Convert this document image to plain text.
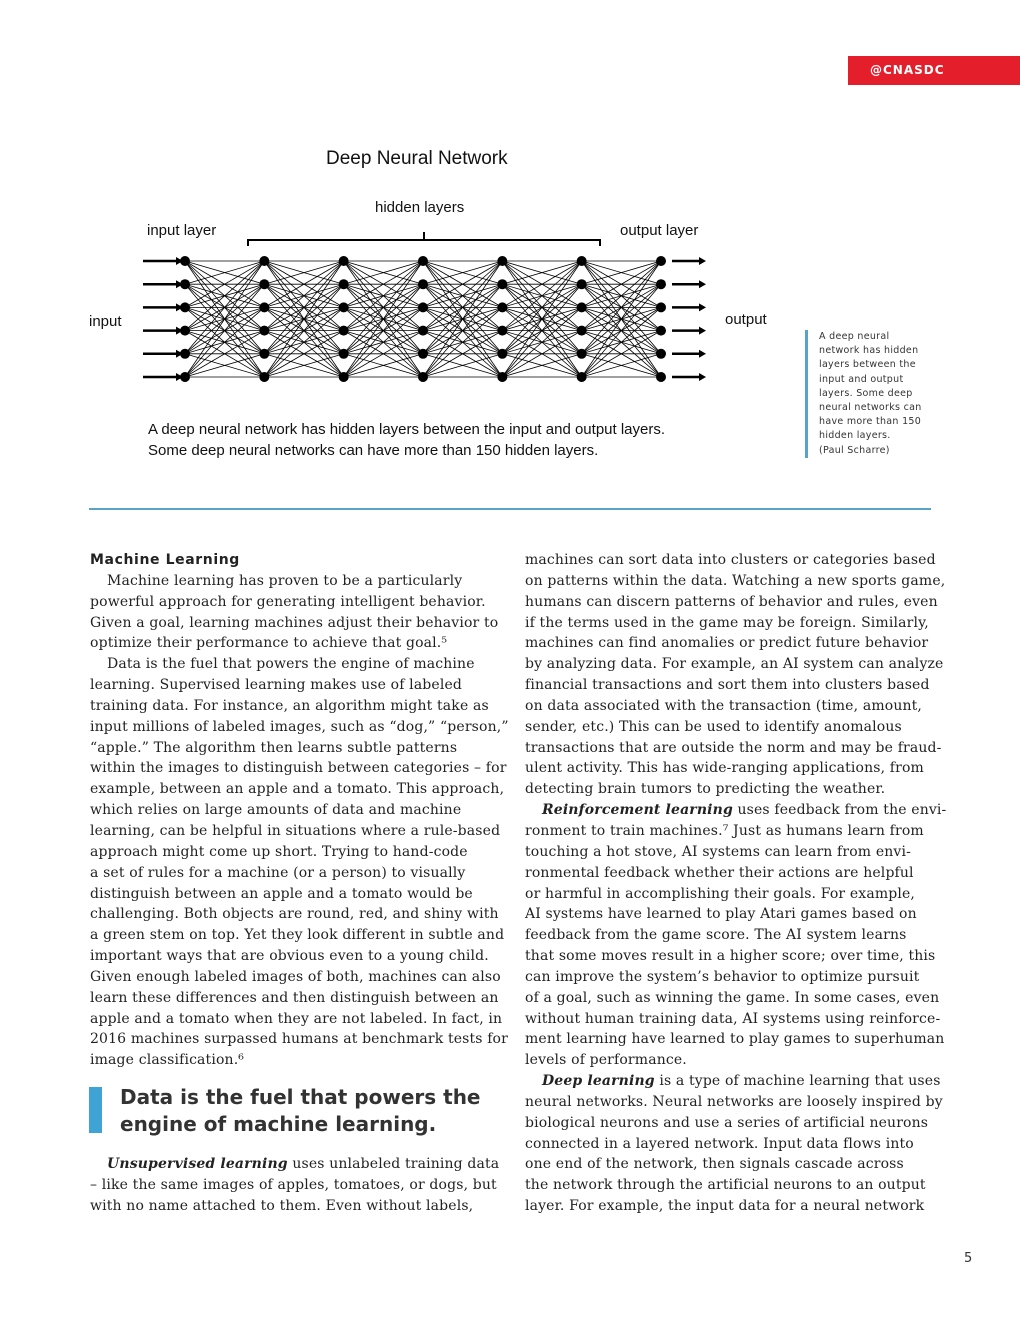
@CNASDC
Deep Neural Network
hidden layers
input layer	output layer
input	output
A deep neural network has hidden layers between the input and output layers.
Some deep neural networks can have more than 150 hidden layers.
A deep neural
network has hidden
layers between the
input and output
layers. Some deep
neural networks can
have more than 150
hidden layers.
(Paul Scharre)
Machine Learning
Machine learning has proven to be a particularly
powerful approach for generating intelligent behavior.
Given a goal, learning machines adjust their behavior to
optimize their performance to achieve that goal.⁵
Data is the fuel that powers the engine of machine
learning. Supervised learning makes use of labeled
training data. For instance, an algorithm might take as
input millions of labeled images, such as “dog,” “person,”
“apple.” The algorithm then learns subtle patterns
within the images to distinguish between categories – for
example, between an apple and a tomato. This approach,
which relies on large amounts of data and machine
learning, can be helpful in situations where a rule-based
approach might come up short. Trying to hand-code
a set of rules for a machine (or a person) to visually
distinguish between an apple and a tomato would be
challenging. Both objects are round, red, and shiny with
a green stem on top. Yet they look different in subtle and
important ways that are obvious even to a young child.
Given enough labeled images of both, machines can also
learn these differences and then distinguish between an
apple and a tomato when they are not labeled. In fact, in
2016 machines surpassed humans at benchmark tests for
image classification.⁶
Data is the fuel that powers the engine of machine learning.
Unsupervised learning uses unlabeled training data
– like the same images of apples, tomatoes, or dogs, but
with no name attached to them. Even without labels,
machines can sort data into clusters or categories based
on patterns within the data. Watching a new sports game,
humans can discern patterns of behavior and rules, even
if the terms used in the game may be foreign. Similarly,
machines can find anomalies or predict future behavior
by analyzing data. For example, an AI system can analyze
financial transactions and sort them into clusters based
on data associated with the transaction (time, amount,
sender, etc.) This can be used to identify anomalous
transactions that are outside the norm and may be fraud-
ulent activity. This has wide-ranging applications, from
detecting brain tumors to predicting the weather.
Reinforcement learning uses feedback from the envi-
ronment to train machines.⁷ Just as humans learn from
touching a hot stove, AI systems can learn from envi-
ronmental feedback whether their actions are helpful
or harmful in accomplishing their goals. For example,
AI systems have learned to play Atari games based on
feedback from the game score. The AI system learns
that some moves result in a higher score; over time, this
can improve the system’s behavior to optimize pursuit
of a goal, such as winning the game. In some cases, even
without human training data, AI systems using reinforce-
ment learning have learned to play games to superhuman
levels of performance.
Deep learning is a type of machine learning that uses
neural networks. Neural networks are loosely inspired by
biological neurons and use a series of artificial neurons
connected in a layered network. Input data flows into
one end of the network, then signals cascade across
the network through the artificial neurons to an output
layer. For example, the input data for a neural network
5
